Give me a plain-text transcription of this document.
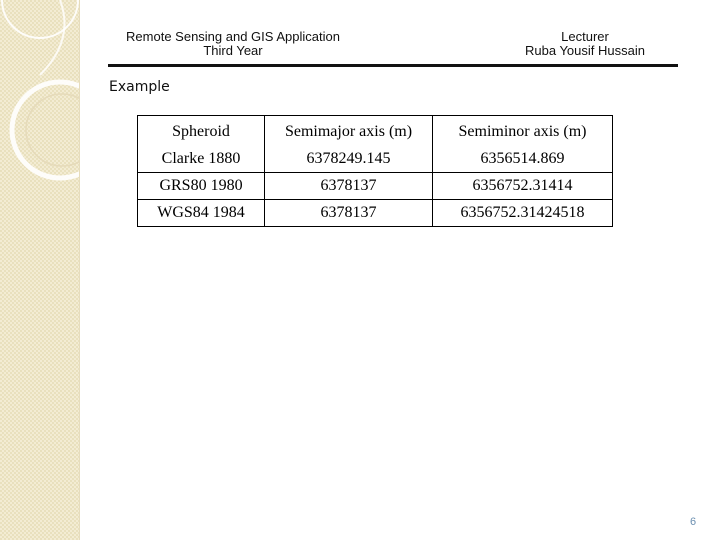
Remote Sensing and GIS Application
Third Year
Lecturer
Ruba Yousif Hussain
Example
Spheroid	Semimajor axis (m)	Semiminor axis (m)
Clarke 1880	6378249.145	6356514.869
GRS80 1980	6378137	6356752.31414
WGS84 1984	6378137	6356752.31424518
6
